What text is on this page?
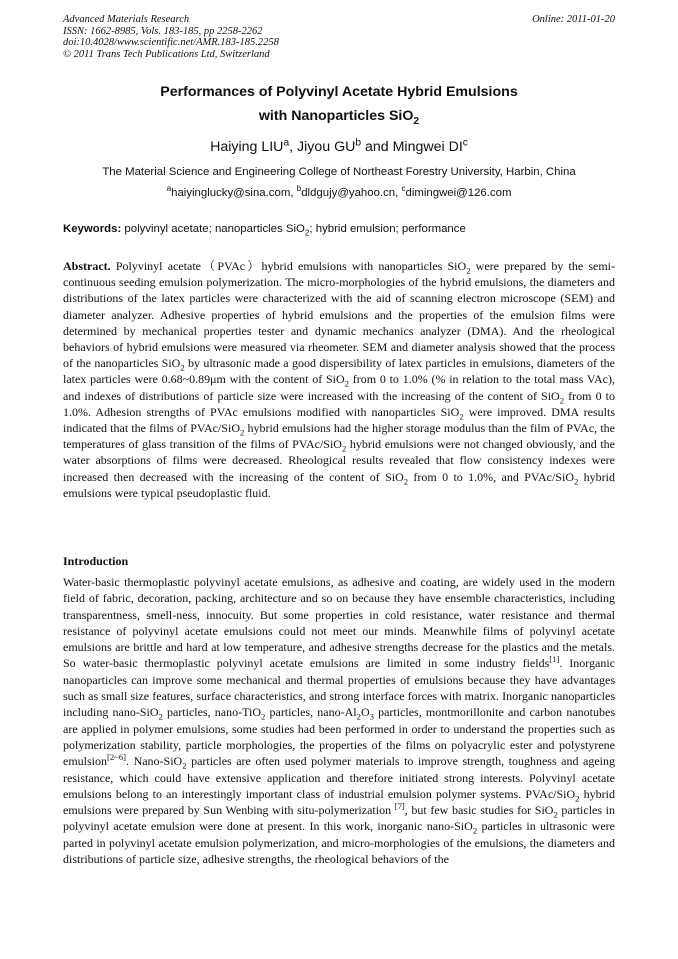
Advanced Materials Research
ISSN: 1662-8985, Vols. 183-185, pp 2258-2262
doi:10.4028/www.scientific.net/AMR.183-185.2258
© 2011 Trans Tech Publications Ltd, Switzerland
Online: 2011-01-20
Performances of Polyvinyl Acetate Hybrid Emulsions
with Nanoparticles SiO$_2$
Haiying LIU$^a$, Jiyou $GU^b$ and Mingwei $DI^c$
The Material Science and Engineering College of Northeast Forestry University, Harbin, China
$^a$haiyinglucky@sina.com, $^b$dldgujy@yahoo.cn, $^c$dimingwei@126.com
Keywords: polyvinyl acetate; nanoparticles SiO$_2$; hybrid emulsion; performance

Abstract. Polyvinyl acetate（PVAc）hybrid emulsions with nanoparticles SiO$_2$ were prepared by the semi-continuous seeding emulsion polymerization. The micro-morphologies of the hybrid emulsions, the diameters and distributions of the latex particles were characterized with the aid of scanning electron microscope (SEM) and diameter analyzer. Adhesive properties of hybrid emulsions and the properties of the emulsion films were determined by mechanical properties tester and dynamic mechanics analyzer (DMA). And the rheological behaviors of hybrid emulsions were measured via rheometer. SEM and diameter analysis showed that the process of the nanoparticles SiO$_2$ by ultrasonic made a good dispersibility of latex particles in emulsions, diameters of the latex particles were 0.68~0.89μm with the content of SiO$_2$ from 0 to 1.0% (% in relation to the total mass VAc), and indexes of distributions of particle size were increased with the increasing of the content of SiO$_2$ from 0 to 1.0%. Adhesion strengths of PVAc emulsions modified with nanoparticles SiO$_2$ were improved. DMA results indicated that the films of PVAc/SiO$_2$ hybrid emulsions had the higher storage modulus than the film of PVAc, the temperatures of glass transition of the films of PVAc/SiO$_2$ hybrid emulsions were not changed obviously, and the water absorptions of films were decreased. Rheological results revealed that flow consistency indexes were increased then decreased with the increasing of the content of SiO$_2$ from 0 to 1.0%, and PVAc/SiO$_2$ hybrid emulsions were typical pseudoplastic fluid.

Introduction

Water-basic thermoplastic polyvinyl acetate emulsions, as adhesive and coating, are widely used in the modern field of fabric, decoration, packing, architecture and so on because they have ensemble characteristics, including transparentness, smell-ness, innocuity. But some properties in cold resistance, water resistance and thermal resistance of polyvinyl acetate emulsions could not meet our minds. Meanwhile films of polyvinyl acetate emulsions are brittle and hard at low temperature, and adhesive strengths decrease for the plastics and the metals. So water-basic thermoplastic polyvinyl acetate emulsions are limited in some industry fields[1]. Inorganic nanoparticles can improve some mechanical and thermal properties of emulsions because they have advantages such as small size features, surface characteristics, and strong interface forces with matrix. Inorganic nanoparticles including nano-SiO$_2$ particles, nano-TiO$_2$ particles, nano-$Al_2O_3$ particles, montmorillonite and carbon nanotubes are applied in polymer emulsions, some studies had been performed in order to understand the properties such as polymerization stability, particle morphologies, the properties of the films on polyacrylic ester and polystyrene emulsion[2~6]. Nano-SiO$_2$ particles are often used polymer materials to improve strength, toughness and ageing resistance, which could have extensive application and therefore initiated strong interests. Polyvinyl acetate emulsions belong to an interestingly important class of industrial emulsion polymer systems. PVAc/SiO$_2$ hybrid emulsions were prepared by Sun Wenbing with situ-polymerization [7], but few basic studies for SiO$_2$ particles in polyvinyl acetate emulsion were done at present. In this work, inorganic nano-SiO$_2$ particles in ultrasonic were parted in polyvinyl acetate emulsion polymerization, and micro-morphologies of the emulsions, the diameters and distributions of particle size, adhesive strengths, the rheological behaviors of the
